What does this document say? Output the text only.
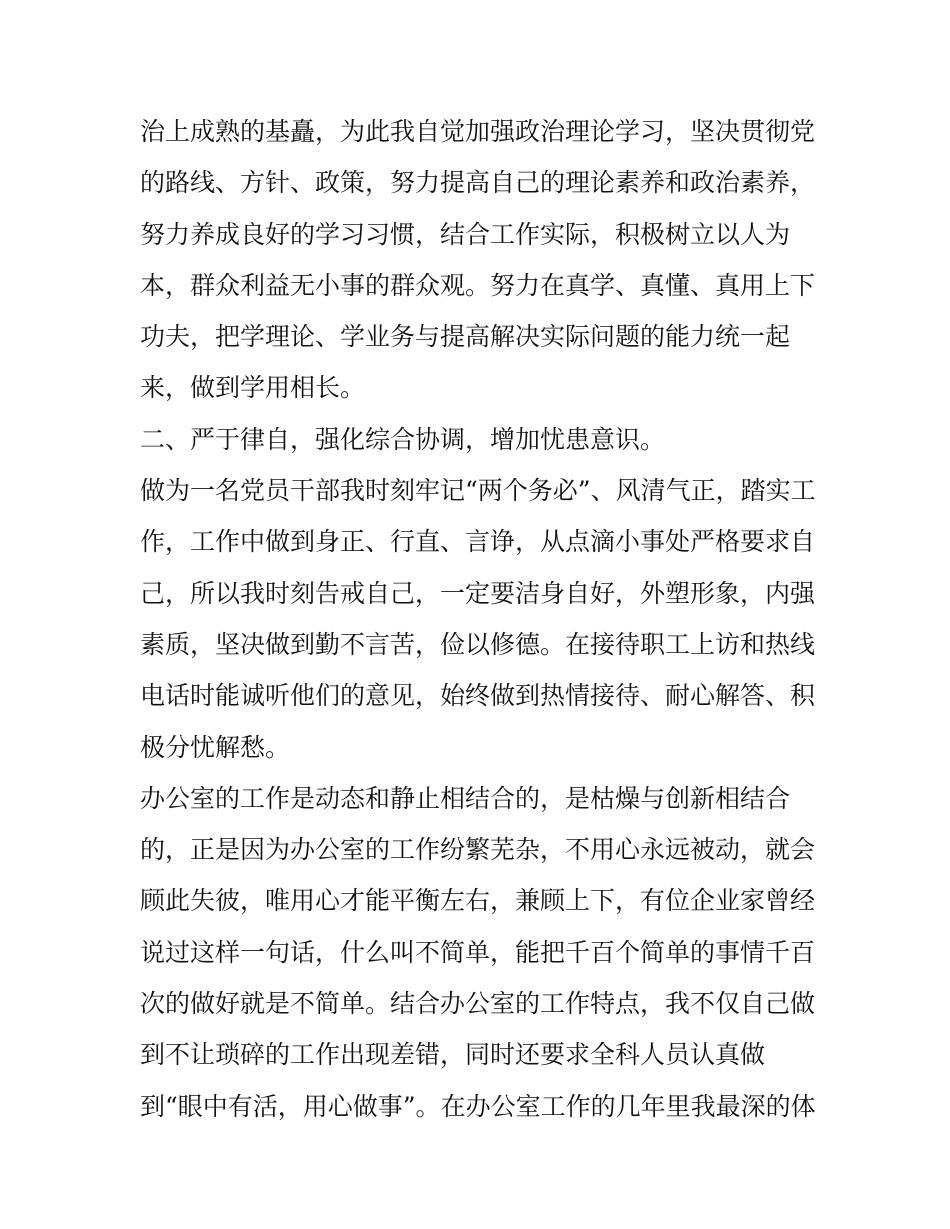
治上成熟的基矗，为此我自觉加强政治理论学习，坚决贯彻党
的路线、方针、政策，努力提高自己的理论素养和政治素养，
努力养成良好的学习习惯，结合工作实际，积极树立以人为
本，群众利益无小事的群众观。努力在真学、真懂、真用上下
功夫，把学理论、学业务与提高解决实际问题的能力统一起
来，做到学用相长。
二、严于律自，强化综合协调，增加忧患意识。
做为一名党员干部我时刻牢记“两个务必”、风清气正，踏实工
作，工作中做到身正、行直、言诤，从点滴小事处严格要求自
己，所以我时刻告戒自己，一定要洁身自好，外塑形象，内强
素质，坚决做到勤不言苦，俭以修德。在接待职工上访和热线
电话时能诚听他们的意见，始终做到热情接待、耐心解答、积
极分忧解愁。
办公室的工作是动态和静止相结合的，是枯燥与创新相结合
的，正是因为办公室的工作纷繁芜杂，不用心永远被动，就会
顾此失彼，唯用心才能平衡左右，兼顾上下，有位企业家曾经
说过这样一句话，什么叫不简单，能把千百个简单的事情千百
次的做好就是不简单。结合办公室的工作特点，我不仅自己做
到不让琐碎的工作出现差错，同时还要求全科人员认真做
到“眼中有活，用心做事”。在办公室工作的几年里我最深的体
